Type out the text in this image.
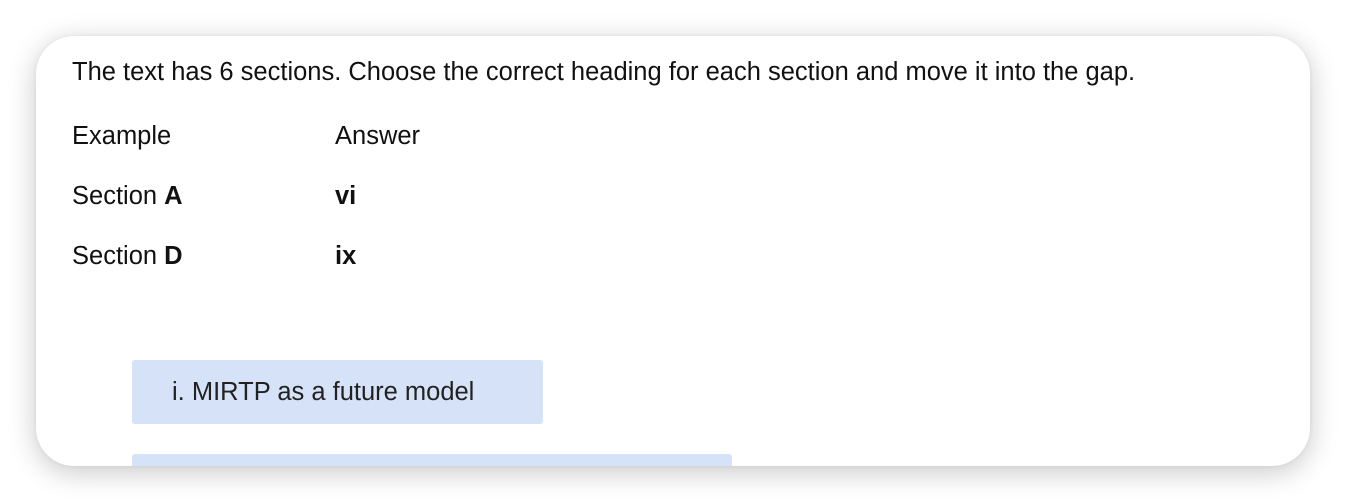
The text has 6 sections. Choose the correct heading for each section and move it into the gap.

Example	Answer
Section A	vi
Section D	ix
i. MIRTP as a future model
